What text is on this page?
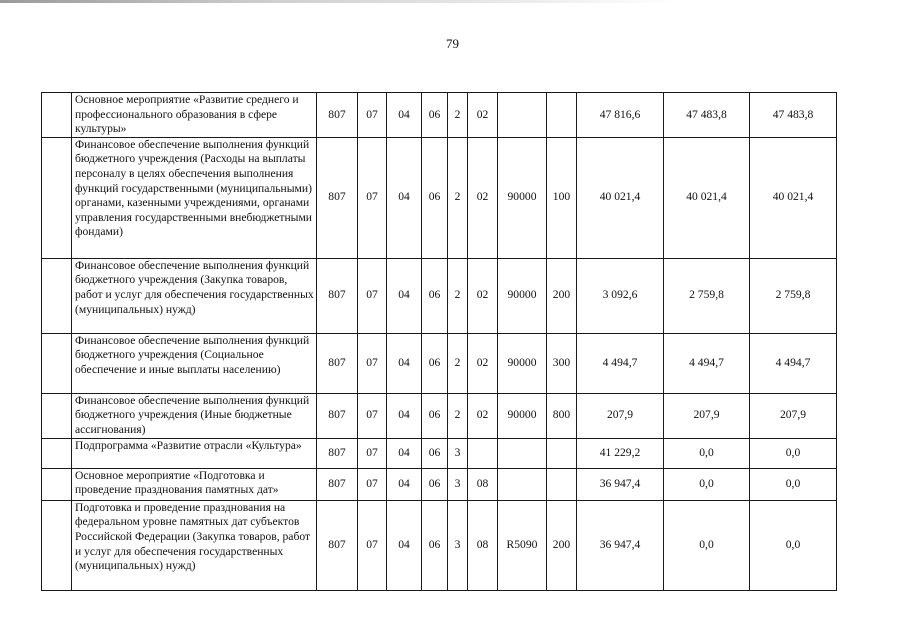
79
	Основное мероприятие «Развитие среднего и профессионального образования в сфере культуры»	807	07	04	06	2	02			47 816,6	47 483,8	47 483,8
	Финансовое обеспечение выполнения функций бюджетного учреждения (Расходы на выплаты персоналу в целях обеспечения выполнения функций государственными (муниципальными) органами, казенными учреждениями, органами управления государственными внебюджетными фондами)	807	07	04	06	2	02	90000	100	40 021,4	40 021,4	40 021,4
	Финансовое обеспечение выполнения функций бюджетного учреждения (Закупка товаров, работ и услуг для обеспечения государственных (муниципальных) нужд)	807	07	04	06	2	02	90000	200	3 092,6	2 759,8	2 759,8
	Финансовое обеспечение выполнения функций бюджетного учреждения (Социальное обеспечение и иные выплаты населению)	807	07	04	06	2	02	90000	300	4 494,7	4 494,7	4 494,7
	Финансовое обеспечение выполнения функций бюджетного учреждения (Иные бюджетные ассигнования)	807	07	04	06	2	02	90000	800	207,9	207,9	207,9
	Подпрограмма «Развитие отрасли «Культура»	807	07	04	06	3				41 229,2	0,0	0,0
	Основное мероприятие «Подготовка и проведение празднования памятных дат»	807	07	04	06	3	08			36 947,4	0,0	0,0
	Подготовка и проведение празднования на федеральном уровне памятных дат субъектов Российской Федерации (Закупка товаров, работ и услуг для обеспечения государственных (муниципальных) нужд)	807	07	04	06	3	08	R5090	200	36 947,4	0,0	0,0
